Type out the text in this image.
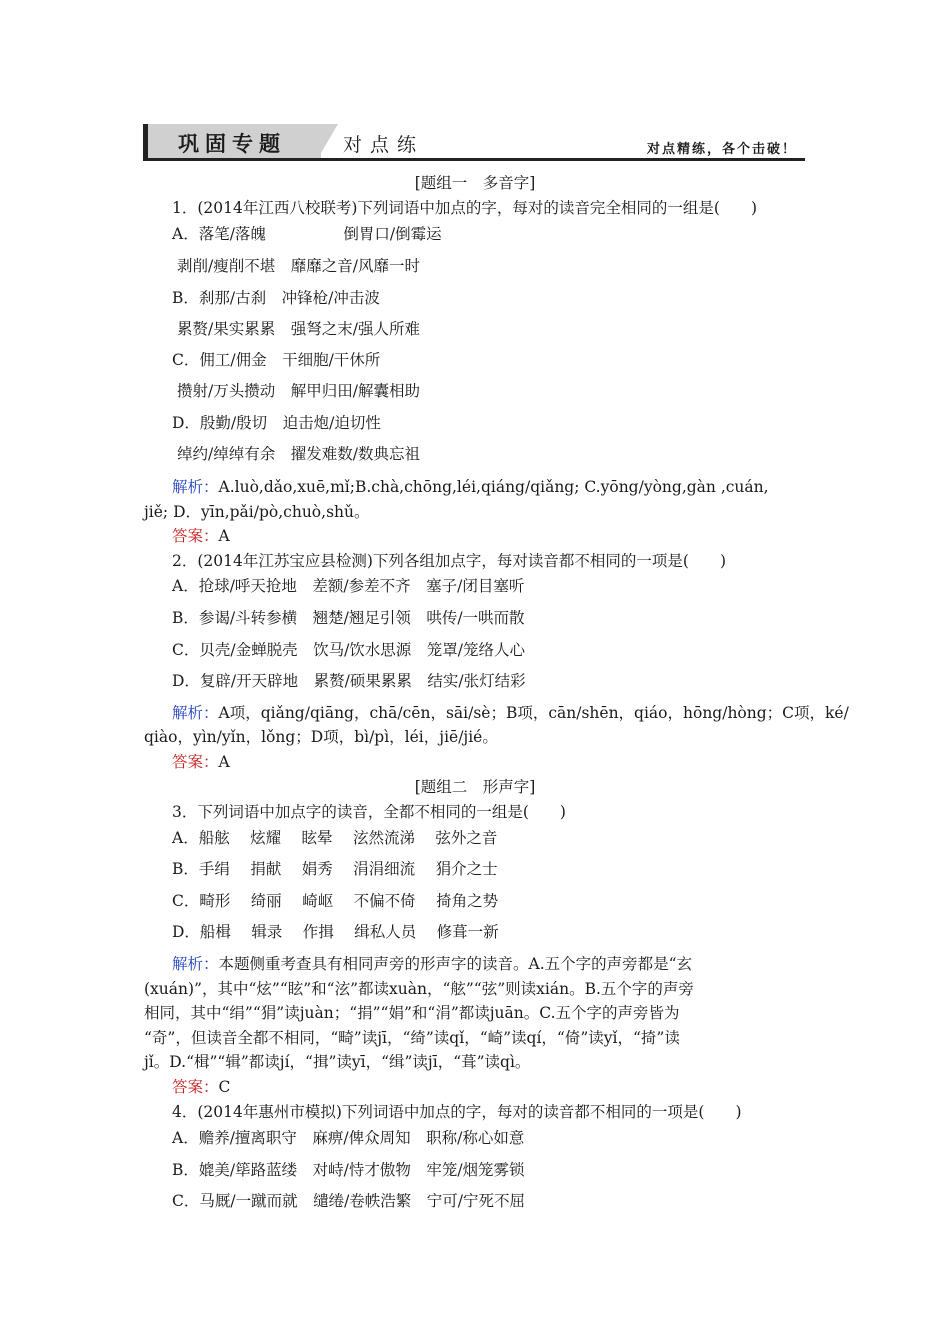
巩固专题	对点练	对点精练，各个击破！
[题组一　多音字]
1．(2014年江西八校联考)下列词语中加点的字，每对的读音完全相同的一组是(　　)
A．落笔/落魄　　　　　倒胃口/倒霉运
剥削/瘦削不堪　靡靡之音/风靡一时
B．刹那/古刹　冲锋枪/冲击波
累赘/果实累累　强弩之末/强人所难
C．佣工/佣金　干细胞/干休所
攒射/万头攒动　解甲归田/解囊相助
D．殷勤/殷切　迫击炮/迫切性
绰约/绰绰有余　擢发难数/数典忘祖
解析：A.luò,dǎo,xuē,mǐ;B.chà,chōng,léi,qiáng/qiǎng; C.yōng/yòng,gàn ,cuán,
jiě; D．yīn,pǎi/pò,chuò,shǔ。
答案：A
2．(2014年江苏宝应县检测)下列各组加点字，每对读音都不相同的一项是(　　)
A．抢球/呼天抢地　差额/参差不齐　塞子/闭目塞听
B．参谒/斗转参横　翘楚/翘足引领　哄传/一哄而散
C．贝壳/金蝉脱壳　饮马/饮水思源　笼罩/笼络人心
D．复辟/开天辟地　累赘/硕果累累　结实/张灯结彩
解析：A项，qiǎng/qiāng，chā/cēn，sāi/sè；B项，cān/shēn，qiáo，hōng/hòng；C项，ké/
qiào，yìn/yǐn，lǒng；D项，bì/pì，léi，jiē/jié。
答案：A
[题组二　形声字]
3．下列词语中加点字的读音，全都不相同的一组是(　　)
A．船舷　 炫耀　 眩晕　 泫然流涕　 弦外之音
B．手绢　 捐献　 娟秀　 涓涓细流　 狷介之士
C．畸形　 绮丽　 崎岖　 不偏不倚　 掎角之势
D．船楫　 辑录　 作揖　 缉私人员　 修葺一新
解析：本题侧重考查具有相同声旁的形声字的读音。A.五个字的声旁都是“玄
(xuán)”，其中“炫”“眩”和“泫”都读xuàn，“舷”“弦”则读xián。B.五个字的声旁
相同，其中“绢”“狷”读juàn；“捐”“娟”和“涓”都读juān。C.五个字的声旁皆为
“奇”，但读音全都不相同，“畸”读jī，“绮”读qǐ，“崎”读qí，“倚”读yǐ，“掎”读
jǐ。D.“楫”“辑”都读jí，“揖”读yī，“缉”读jī，“葺”读qì。
答案：C
4．(2014年惠州市模拟)下列词语中加点的字，每对的读音都不相同的一项是(　　)
A．赡养/擅离职守　麻痹/俾众周知　职称/称心如意
B．媲美/筚路蓝缕　对峙/恃才傲物　牢笼/烟笼雾锁
C．马厩/一蹴而就　缱绻/卷帙浩繁　宁可/宁死不屈
